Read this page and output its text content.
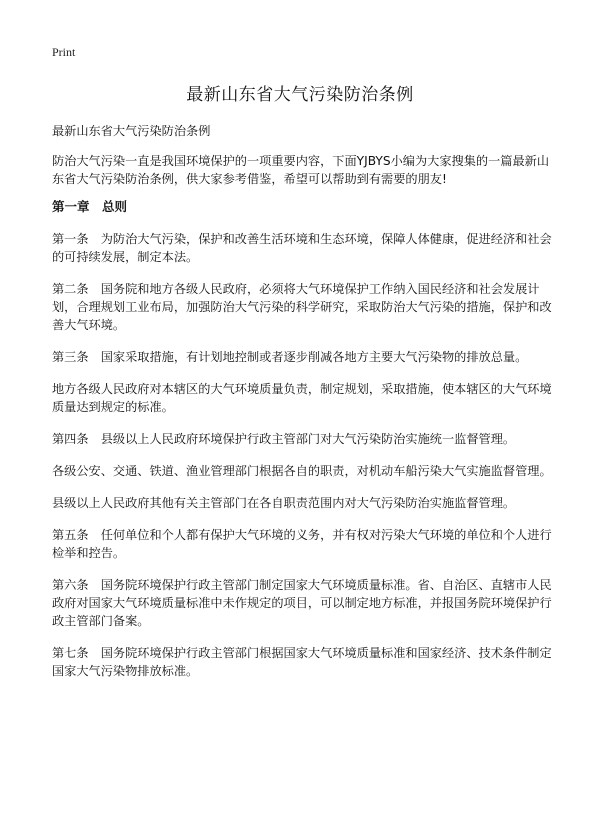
Print
最新山东省大气污染防治条例

最新山东省大气污染防治条例

防治大气污染一直是我国环境保护的一项重要内容，下面YJBYS小编为大家搜集的一篇最新山东省大气污染防治条例，供大家参考借鉴，希望可以帮助到有需要的朋友!

第一章　总则

第一条　为防治大气污染，保护和改善生活环境和生态环境，保障人体健康，促进经济和社会的可持续发展，制定本法。

第二条　国务院和地方各级人民政府，必须将大气环境保护工作纳入国民经济和社会发展计划，合理规划工业布局，加强防治大气污染的科学研究，采取防治大气污染的措施，保护和改善大气环境。

第三条　国家采取措施，有计划地控制或者逐步削减各地方主要大气污染物的排放总量。

地方各级人民政府对本辖区的大气环境质量负责，制定规划，采取措施，使本辖区的大气环境质量达到规定的标准。

第四条　县级以上人民政府环境保护行政主管部门对大气污染防治实施统一监督管理。

各级公安、交通、铁道、渔业管理部门根据各自的职责，对机动车船污染大气实施监督管理。

县级以上人民政府其他有关主管部门在各自职责范围内对大气污染防治实施监督管理。

第五条　任何单位和个人都有保护大气环境的义务，并有权对污染大气环境的单位和个人进行检举和控告。

第六条　国务院环境保护行政主管部门制定国家大气环境质量标准。省、自治区、直辖市人民政府对国家大气环境质量标准中未作规定的项目，可以制定地方标准，并报国务院环境保护行政主管部门备案。

第七条　国务院环境保护行政主管部门根据国家大气环境质量标准和国家经济、技术条件制定国家大气污染物排放标准。
